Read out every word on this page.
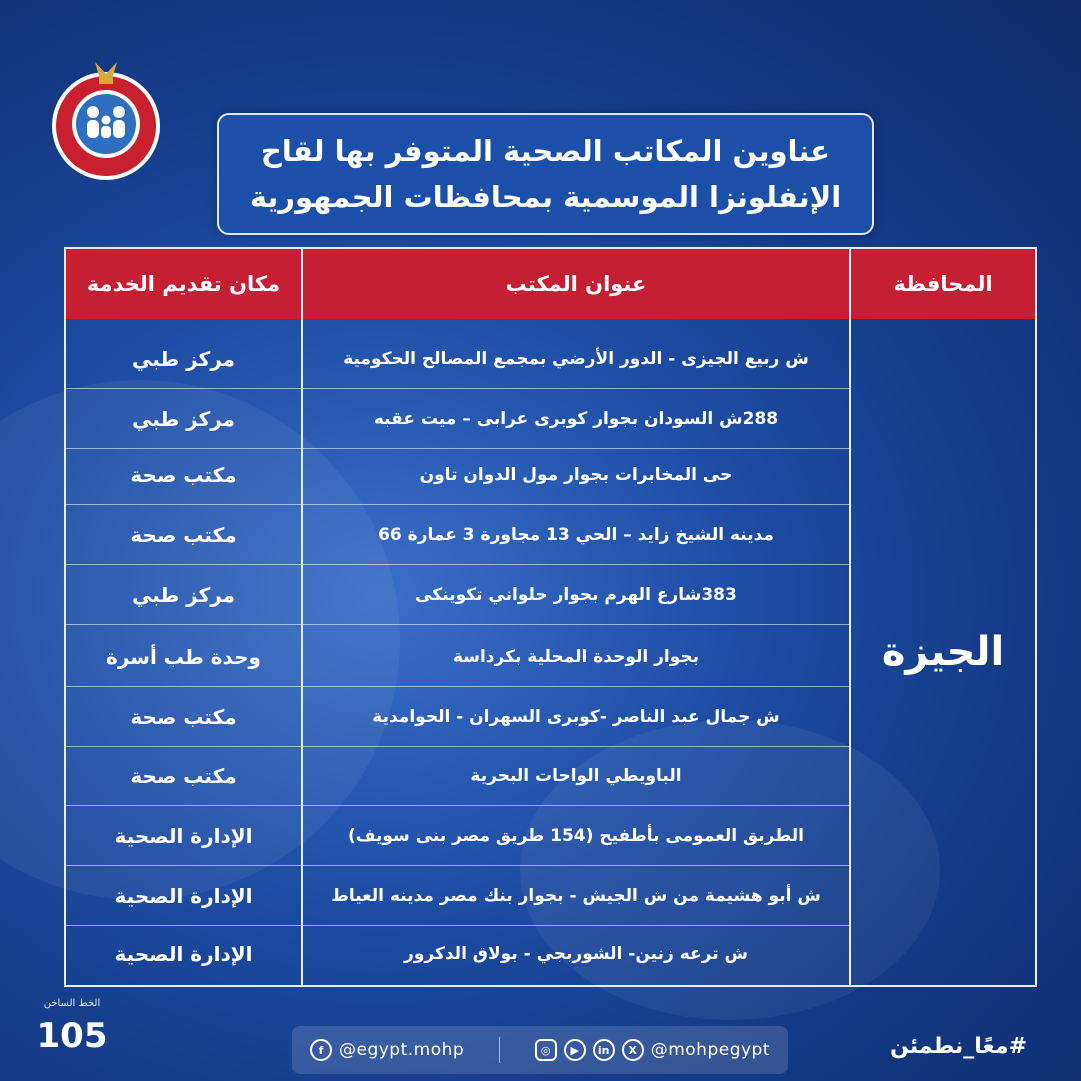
عناوين المكاتب الصحية المتوفر بها لقاح
الإنفلونزا الموسمية بمحافظات الجمهورية
مكان تقديم الخدمة	عنوان المكتب	المحافظة
مركز طبي	ش ربيع الجيزى - الدور الأرضي بمجمع المصالح الحكومية
مركز طبي	288ش السودان بجوار كوبرى عرابى – ميت عقبه
مكتب صحة	حى المخابرات بجوار مول الدوان تاون
مكتب صحة	مدينه الشيخ زايد – الحي 13 مجاورة 3 عمارة 66
مركز طبي	383شارع الهرم بجوار حلواني تكوينكى
وحدة طب أسرة	بجوار الوحدة المحلية بكرداسة
مكتب صحة	ش جمال عبد الناصر -كوبرى السهران - الحوامدية
مكتب صحة	الباويطي الواحات البحرية
الإدارة الصحية	الطربق العمومى بأطفيح (154 طريق مصر بنى سويف)
الإدارة الصحية	ش أبو هشيمة من ش الجيش - بجوار بنك مصر مدينه العياط
الإدارة الصحية	ش ترعه زنين- الشوربجي - بولاق الدكرور
الجيزة
الخط الساخن
105	f @egypt.mohp	◎	▶	in	X @mohpegypt	#معًا_نطمئن
